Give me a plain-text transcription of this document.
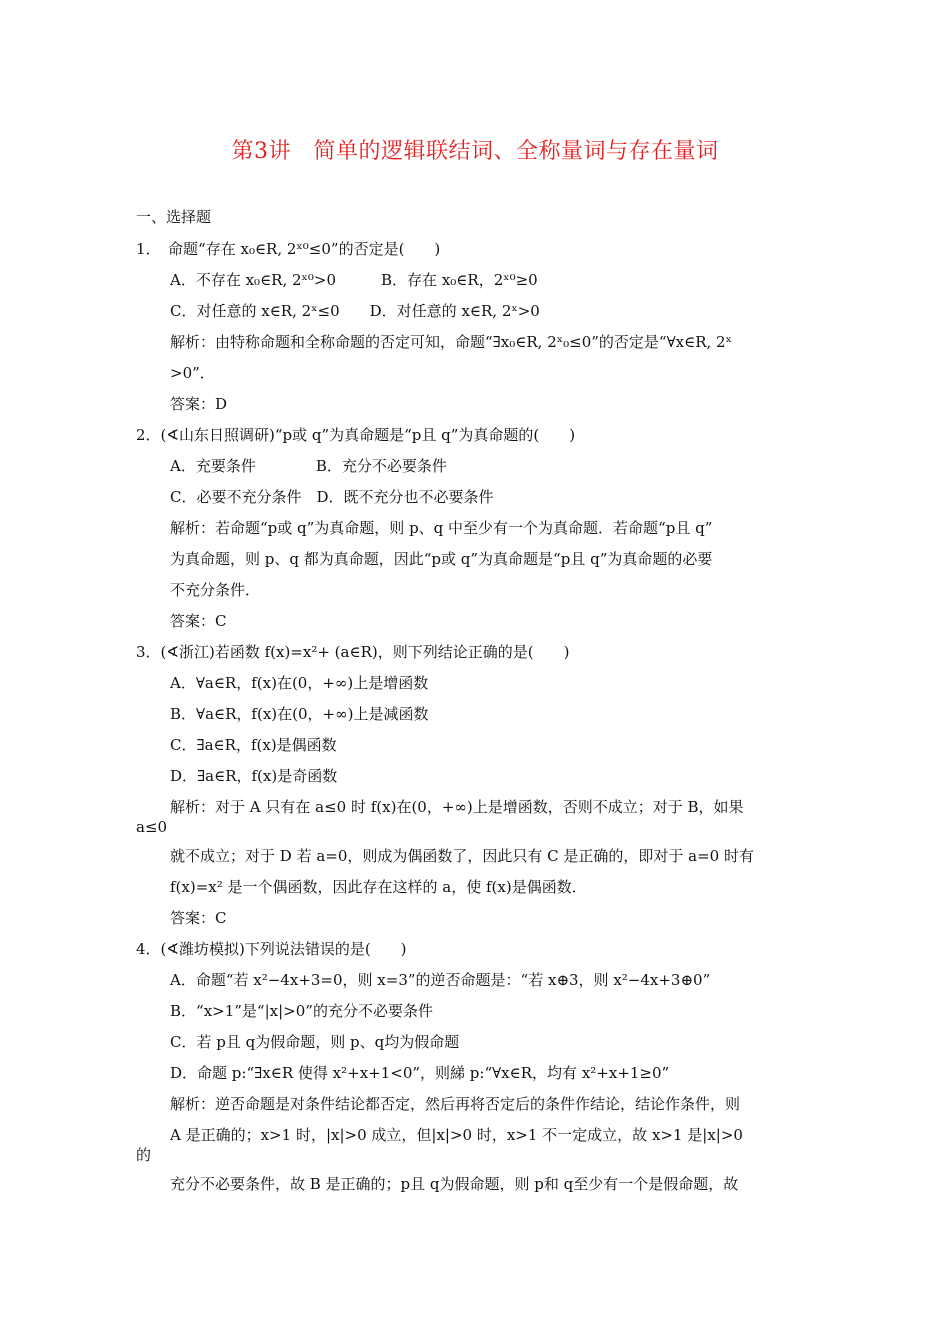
第3讲　简单的逻辑联结词、全称量词与存在量词
一、选择题
1．　命题“存在 x₀∈R, 2ˣ⁰≤0”的否定是(　　)
A．不存在 x₀∈R, 2ˣ⁰>0　　　B．存在 x₀∈R，2ˣ⁰≥0
C．对任意的 x∈R, 2ˣ≤0　　D．对任意的 x∈R, 2ˣ>0
解析：由特称命题和全称命题的否定可知，命题“∃x₀∈R, 2ˣ₀≤0”的否定是“∀x∈R, 2ˣ
>0”．
答案：D
2．(∢山东日照调研)“p或 q”为真命题是“p且 q”为真命题的(　　)
A．充要条件　　　　B．充分不必要条件
C．必要不充分条件　D．既不充分也不必要条件
解析：若命题“p或 q”为真命题，则 p、q 中至少有一个为真命题．若命题“p且 q”
为真命题，则 p、q 都为真命题，因此“p或 q”为真命题是“p且 q”为真命题的必要
不充分条件．
答案：C
3．(∢浙江)若函数 f(x)=x²+ (a∈R)，则下列结论正确的是(　　)
A．∀a∈R，f(x)在(0，+∞)上是增函数
B．∀a∈R，f(x)在(0，+∞)上是减函数
C．∃a∈R，f(x)是偶函数
D．∃a∈R，f(x)是奇函数
解析：对于 A 只有在 a≤0 时 f(x)在(0，+∞)上是增函数，否则不成立；对于 B，如果
a≤0
就不成立；对于 D 若 a=0，则成为偶函数了，因此只有 C 是正确的，即对于 a=0 时有
f(x)=x² 是一个偶函数，因此存在这样的 a，使 f(x)是偶函数．
答案：C
4．(∢潍坊模拟)下列说法错误的是(　　)
A．命题“若 x²−4x+3=0，则 x=3”的逆否命题是：“若 x⊕3，则 x²−4x+3⊕0”
B．“x>1”是“|x|>0”的充分不必要条件
C．若 p且 q为假命题，则 p、q均为假命题
D．命题 p:“∃x∈R 使得 x²+x+1<0”，则綈 p:“∀x∈R，均有 x²+x+1≥0”
解析：逆否命题是对条件结论都否定，然后再将否定后的条件作结论，结论作条件，则
A 是正确的；x>1 时，|x|>0 成立，但|x|>0 时，x>1 不一定成立，故 x>1 是|x|>0
的
充分不必要条件，故 B 是正确的；p且 q为假命题，则 p和 q至少有一个是假命题，故
